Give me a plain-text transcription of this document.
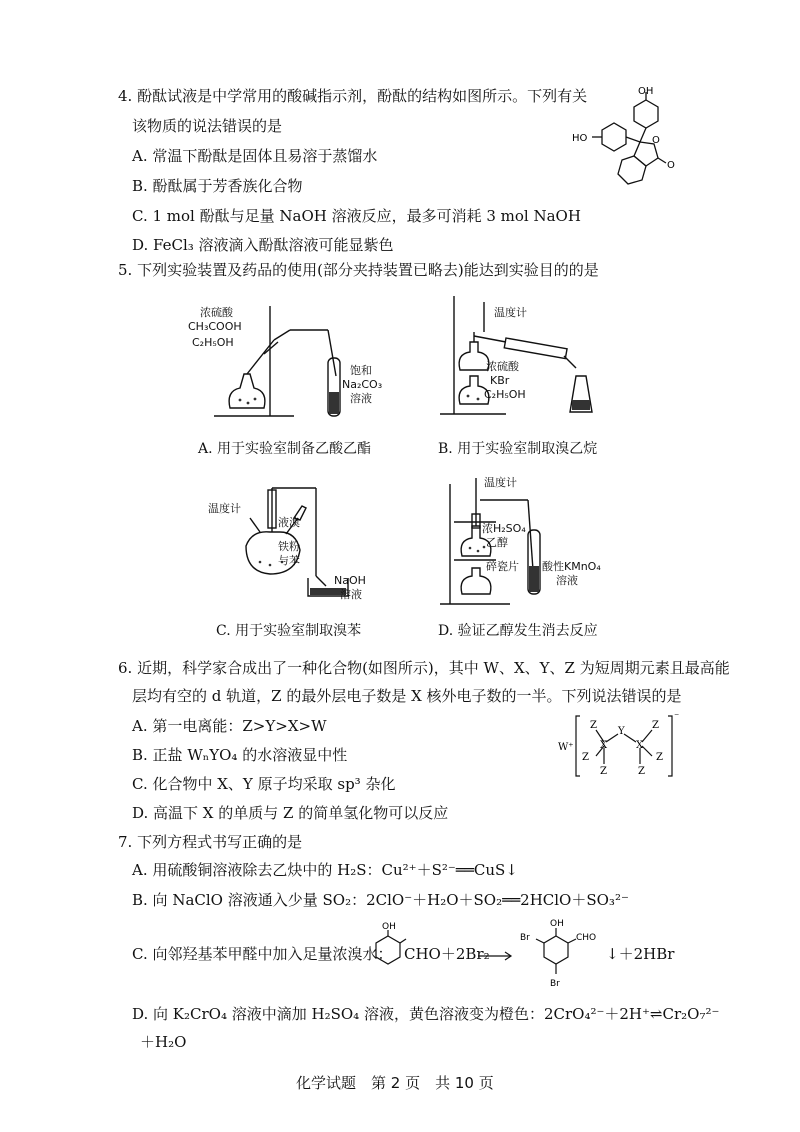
4. 酚酞试液是中学常用的酸碱指示剂，酚酞的结构如图所示。下列有关
该物质的说法错误的是
A. 常温下酚酞是固体且易溶于蒸馏水
B. 酚酞属于芳香族化合物
C. 1 mol 酚酞与足量 NaOH 溶液反应，最多可消耗 3 mol NaOH
D. FeCl₃ 溶液滴入酚酞溶液可能显紫色
OH
HO	O
O
5. 下列实验装置及药品的使用(部分夹持装置已略去)能达到实验目的的是
浓硫酸
CH₃COOH
C₂H₅OH
饱和
Na₂CO₃
溶液
A. 用于实验室制备乙酸乙酯
温度计
浓硫酸
KBr
C₂H₅OH
B. 用于实验室制取溴乙烷
温度计
液溴
铁粉
与苯
NaOH
溶液
C. 用于实验室制取溴苯
温度计
浓H₂SO₄
乙醇
碎瓷片 酸性KMnO₄
溶液
D. 验证乙醇发生消去反应
6. 近期，科学家合成出了一种化合物(如图所示)，其中 W、X、Y、Z 为短周期元素且最高能
层均有空的 d 轨道，Z 的最外层电子数是 X 核外电子数的一半。下列说法错误的是
A. 第一电离能：Z>Y>X>W
B. 正盐 WₙYO₄ 的水溶液显中性
C. 化合物中 X、Y 原子均采取 sp³ 杂化
D. 高温下 X 的单质与 Z 的简单氢化物可以反应
W⁺	X
Y
X
Z
Z
Z
Z
Z
Z
⁻
7. 下列方程式书写正确的是
A. 用硫酸铜溶液除去乙炔中的 H₂S：Cu²⁺＋S²⁻══CuS↓
B. 向 NaClO 溶液通入少量 SO₂：2ClO⁻＋H₂O＋SO₂══2HClO＋SO₃²⁻
C. 向邻羟基苯甲醛中加入足量浓溴水：
OH
CHO＋2Br₂
OH
CHO
Br
Br
↓＋2HBr
D. 向 K₂CrO₄ 溶液中滴加 H₂SO₄ 溶液，黄色溶液变为橙色：2CrO₄²⁻＋2H⁺⇌Cr₂O₇²⁻
＋H₂O
化学试题　第 2 页　共 10 页
